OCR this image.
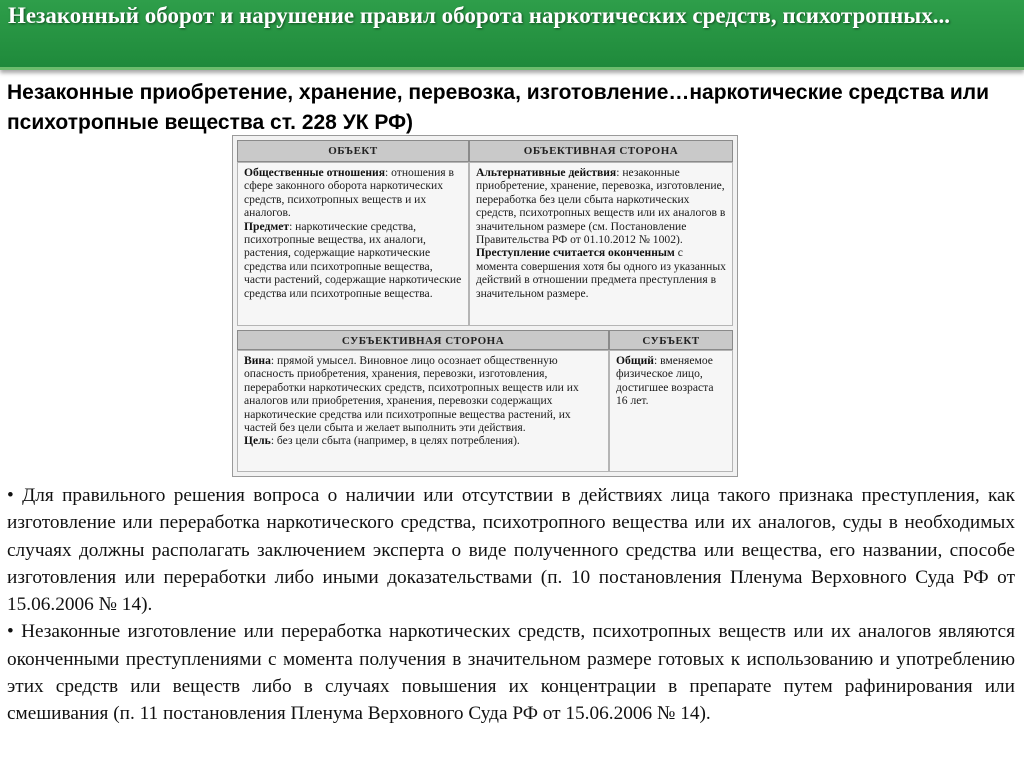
Незаконный оборот и нарушение правил оборота наркотических средств, психотропных...
Незаконные приобретение, хранение, перевозка, изготовление…наркотические средства или психотропные вещества ст. 228 УК РФ)
ОБЪЕКТ	ОБЪЕКТИВНАЯ СТОРОНА

Общественные отношения: отношения в сфере законного оборота наркотических средств, психотропных веществ и их аналогов.

Предмет: наркотические средства, психотропные вещества, их аналоги, растения, содержащие наркотические средства или психотропные вещества, части растений, содержащие наркотические средства или психотропные вещества.

Альтернативные действия: незаконные приобретение, хранение, перевозка, изготовление, переработка без цели сбыта наркотических средств, психотропных веществ или их аналогов в значительном размере (см. Постановление Правительства РФ от 01.10.2012 № 1002).

Преступление считается оконченным с момента совершения хотя бы одного из указанных действий в отношении предмета преступления в значительном размере.

СУБЪЕКТИВНАЯ СТОРОНА	СУБЪЕКТ

Вина: прямой умысел. Виновное лицо осознает общественную опасность приобретения, хранения, перевозки, изготовления, переработки наркотических средств, психотропных веществ или их аналогов или приобретения, хранения, перевозки содержащих наркотические средства или психотропные вещества растений, их частей без цели сбыта и желает выполнить эти действия.

Цель: без цели сбыта (например, в целях потребления).

Общий: вменяемое физическое лицо, достигшее возраста 16 лет.

• Для правильного решения вопроса о наличии или отсутствии в действиях лица такого признака преступления, как изготовление или переработка наркотического средства, психотропного вещества или их аналогов, суды в необходимых случаях должны располагать заключением эксперта о виде полученного средства или вещества, его названии, способе изготовления или переработки либо иными доказательствами (п. 10 постановления Пленума Верховного Суда РФ от 15.06.2006 № 14).

• Незаконные изготовление или переработка наркотических средств, психотропных веществ или их аналогов являются оконченными преступлениями с момента получения в значительном размере готовых к использованию и употреблению этих средств или веществ либо в случаях повышения их концентрации в препарате путем рафинирования или смешивания (п. 11 постановления Пленума Верховного Суда РФ от 15.06.2006 № 14).
